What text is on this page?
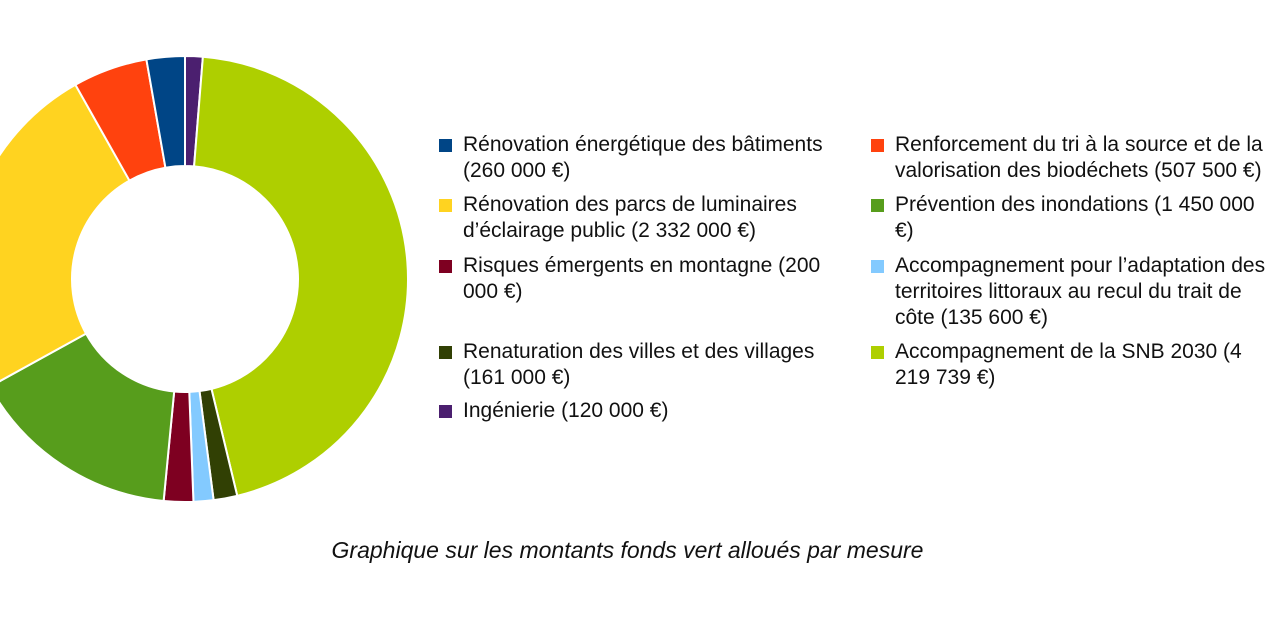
Rénovation énergétique des bâtiments
(260 000 €)
Renforcement du tri à la source et de la
valorisation des biodéchets (507 500 €)
Rénovation des parcs de luminaires
d’éclairage public (2 332 000 €)
Prévention des inondations (1 450 000
€)
Risques émergents en montagne (200
000 €)
Accompagnement pour l’adaptation des
territoires littoraux au recul du trait de
côte (135 600 €)
Renaturation des villes et des villages
(161 000 €)
Accompagnement de la SNB 2030 (4
219 739 €)
Ingénierie (120 000 €)
Graphique sur les montants fonds vert alloués par mesure
